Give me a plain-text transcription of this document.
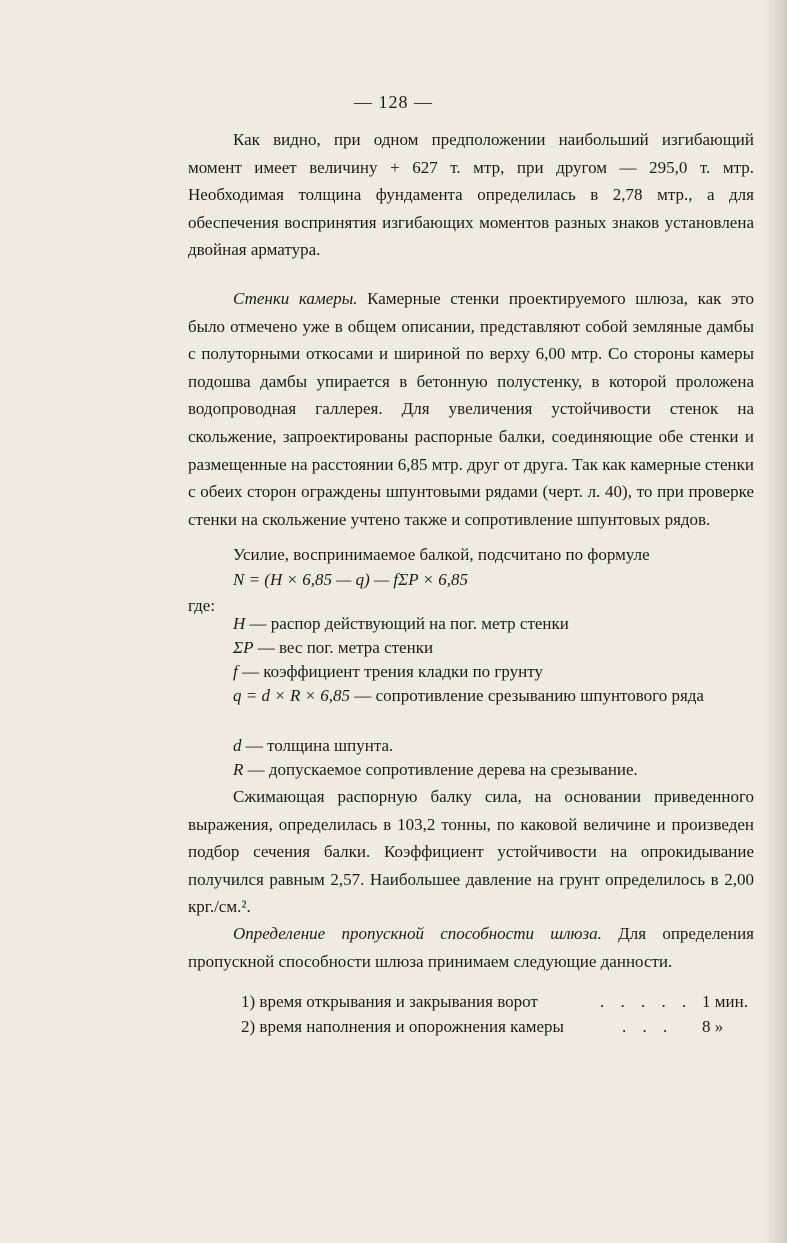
— 128 —

Как видно, при одном предположении наибольший изгибающий момент имеет величину + 627 т. мтр, при другом — 295,0 т. мтр. Необходимая толщина фундамента определилась в 2,78 мтр., а для обеспечения воспринятия изгибающих моментов разных знаков установлена двойная арматура.

Стенки камеры. Камерные стенки проектируемого шлюза, как это было отмечено уже в общем описании, представляют собой земляные дамбы с полуторными откосами и шириной по верху 6,00 мтр. Со стороны камеры подошва дамбы упирается в бетонную полустенку, в которой проложена водопроводная галлерея. Для увеличения устойчивости стенок на скольжение, запроектированы распорные балки, соединяющие обе стенки и размещенные на расстоянии 6,85 мтр. друг от друга. Так как камерные стенки с обеих сторон ограждены шпунтовыми рядами (черт. л. 40), то при проверке стенки на скольжение учтено также и сопротивление шпунтовых рядов.

Усилие, воспринимаемое балкой, подсчитано по формуле
N = (H × 6,85 — q) — fΣP × 6,85
где:
H — распор действующий на пог. метр стенки
ΣP — вес пог. метра стенки
f — коэффициент трения кладки по грунту
q = d × R × 6,85 — сопротивление срезыванию шпунтового ряда
d — толщина шпунта.
R — допускаемое сопротивление дерева на срезывание.

Сжимающая распорную балку сила, на основании приведенного выражения, определилась в 103,2 тонны, по каковой величине и произведен подбор сечения балки. Коэффициент устойчивости на опрокидывание получился равным 2,57. Наибольшее давление на грунт определилось в 2,00 крг./см.².

Определение пропускной способности шлюза. Для определения пропускной способности шлюза принимаем следующие данности.

1) время открывания и закрывания ворот	. . . . . 1 мин.
2) время наполнения и опорожнения камеры	. . . 8 »
